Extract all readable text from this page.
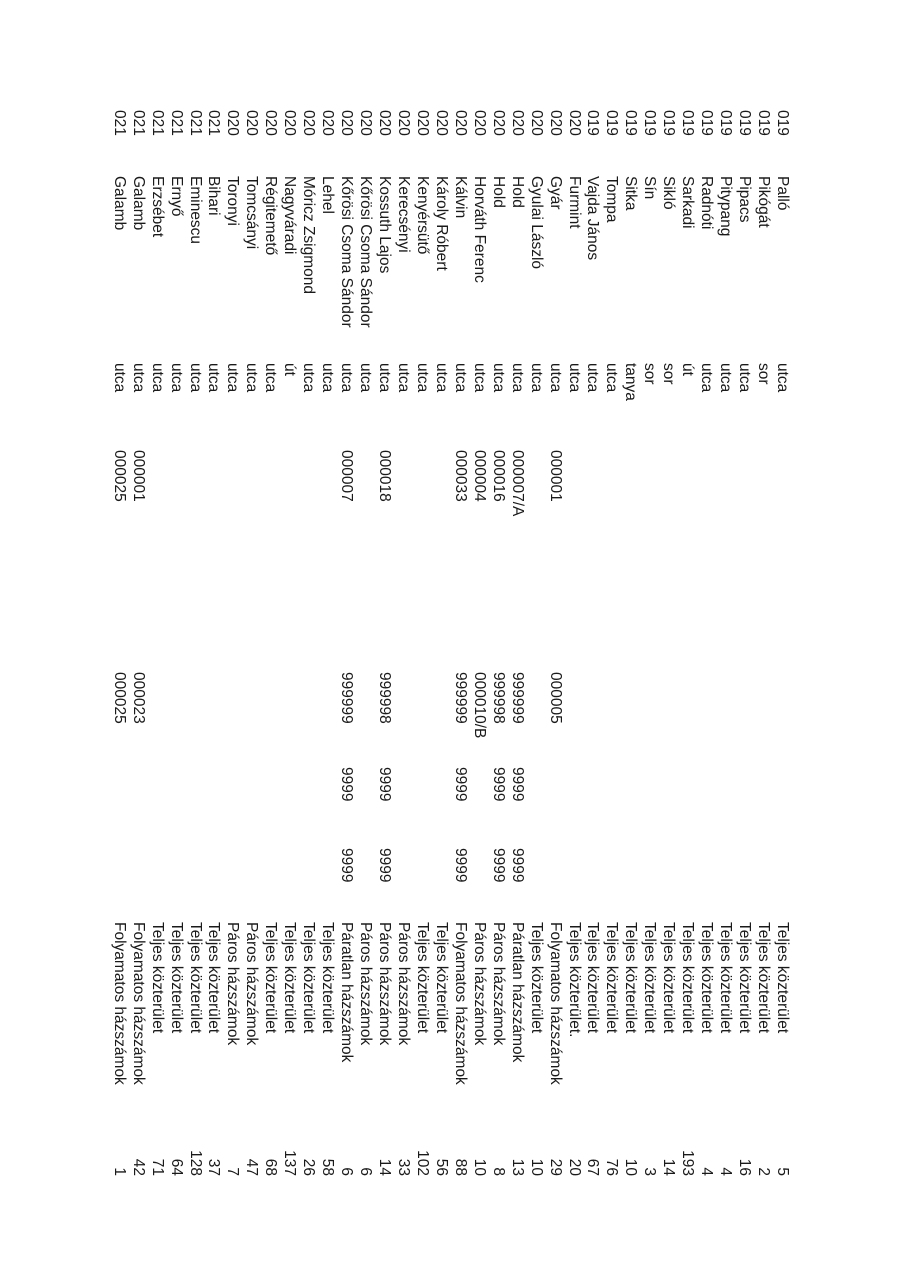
019
Palló
utca
Teljes közterület
5
019
Pikógát
sor
Teljes közterület
2
019
Pipacs
utca
Teljes közterület
16
019
Pitypang
utca
Teljes közterület
4
019
Radnóti
utca
Teljes közterület
4
019
Sarkadi
út
Teljes közterület
193
019
Sikló
sor
Teljes közterület
14
019
Sín
sor
Teljes közterület
3
019
Sitka
tanya
Teljes közterület
10
019
Tompa
utca
Teljes közterület
76
019
Vajda János
utca
Teljes közterület
67
020
Furmint
utca
Teljes közterület.
20
020
Gyár
utca
000001
000005
Folyamatos házszámok
29
020
Gyulai László
utca
Teljes közterület
10
020
Hold
utca
000007/A
999999
9999
9999
Páratlan házszámok
13
020
Hold
utca
000016
999998
9999
9999
Páros házszámok
8
020
Horváth Ferenc
utca
000004
000010/B
Páros házszámok
10
020
Kálvin
utca
000033
999999
9999
9999
Folyamatos házszámok
88
020
Károly Róbert
utca
Teljes közterület
56
020
Kenyérsütő
utca
Teljes közterület
102
020
Kerecsényi
utca
Páros házszámok
33
020
Kossuth Lajos
utca
000018
999998
9999
9999
Páros házszámok
14
020
Kőrösi Csoma Sándor
utca
Páros házszámok
6
020
Kőrösi Csoma Sándor
utca
000007
999999
9999
9999
Páratlan házszámok
6
020
Lehel
utca
Teljes közterület
58
020
Móricz Zsigmond
utca
Teljes közterület
26
020
Nagyváradi
út
Teljes közterület
137
020
Régitemető
utca
Teljes közterület
68
020
Tomcsányi
utca
Páros házszámok
47
020
Toronyi
utca
Páros házszámok
7
021
Bihari
utca
Teljes közterület
37
021
Eminescu
utca
Teljes közterület
128
021
Ernyő
utca
Teljes közterület
64
021
Erzsébet
utca
Teljes közterület
71
021
Galamb
utca
000001
000023
Folyamatos házszámok
42
021
Galamb
utca
000025
000025
Folyamatos házszámok
1
